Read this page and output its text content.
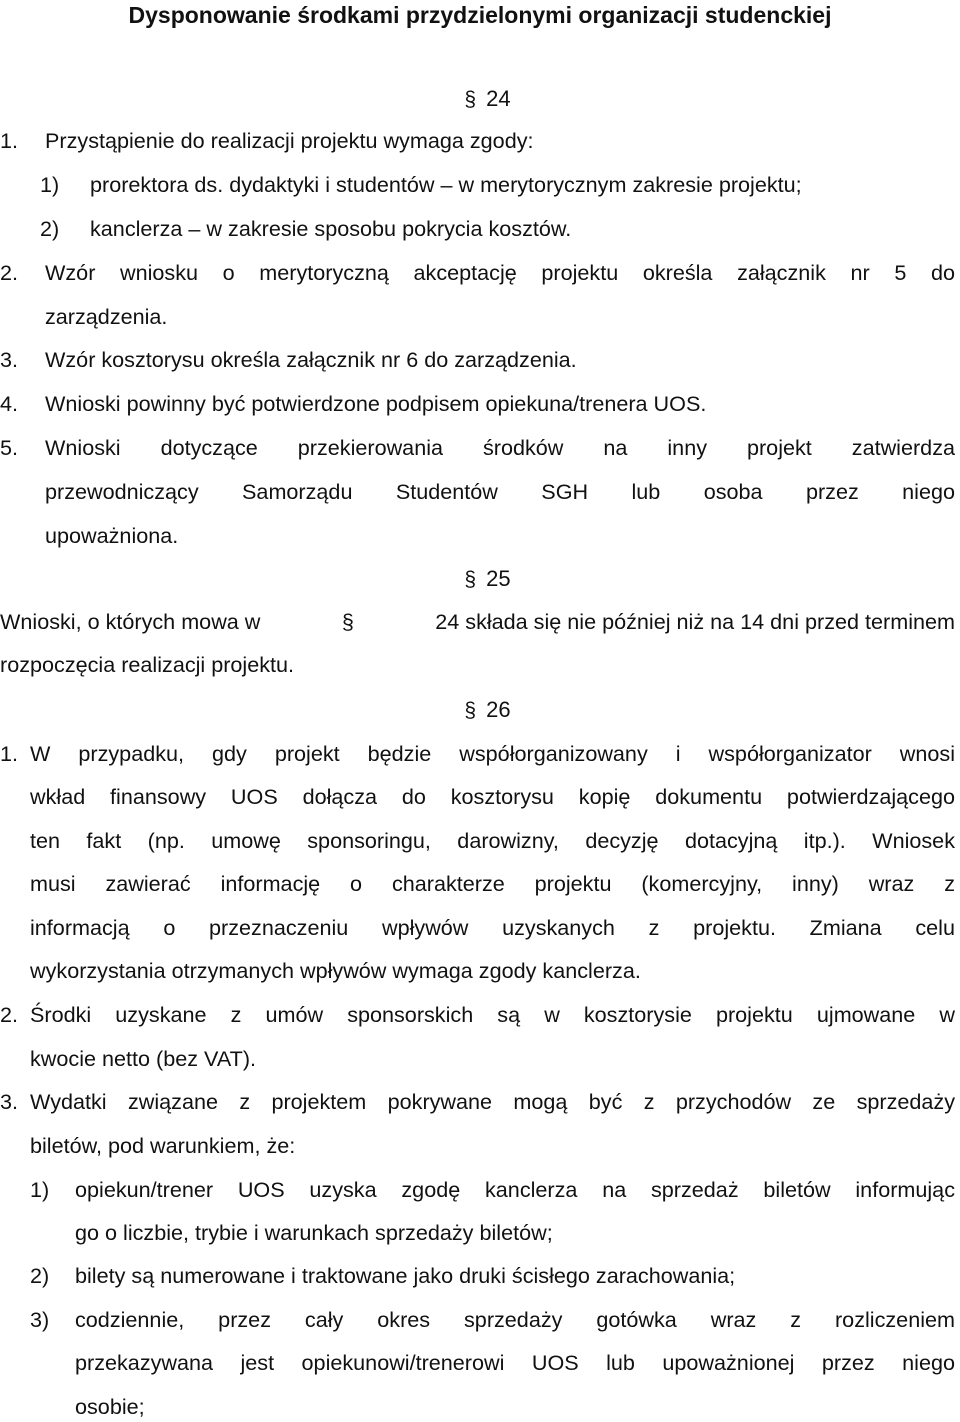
Dysponowanie środkami przydzielonymi organizacji studenckiej
§ 24
1. Przystąpienie do realizacji projektu wymaga zgody:
1) prorektora ds. dydaktyki i studentów – w merytorycznym zakresie projektu;
2) kanclerza – w zakresie sposobu pokrycia kosztów.
2. Wzór wniosku o merytoryczną akceptację projektu określa załącznik nr 5 do
zarządzenia.
3. Wzór kosztorysu określa załącznik nr 6 do zarządzenia.
4. Wnioski powinny być potwierdzone podpisem opiekuna/trenera UOS.
5. Wnioski dotyczące przekierowania środków na inny projekt zatwierdza
przewodniczący Samorządu Studentów SGH lub osoba przez niego
upoważniona.
§ 25
Wnioski, o których mowa w	§	24 składa się nie później niż na 14 dni przed terminem
rozpoczęcia realizacji projektu.
§ 26
1. W przypadku, gdy projekt będzie współorganizowany i współorganizator wnosi
wkład finansowy UOS dołącza do kosztorysu kopię dokumentu potwierdzającego
ten fakt (np. umowę sponsoringu, darowizny, decyzję dotacyjną itp.). Wniosek
musi zawierać informację o charakterze projektu (komercyjny, inny) wraz z
informacją o przeznaczeniu wpływów uzyskanych z projektu. Zmiana celu
wykorzystania otrzymanych wpływów wymaga zgody kanclerza.
2. Środki uzyskane z umów sponsorskich są w kosztorysie projektu ujmowane w
kwocie netto (bez VAT).
3. Wydatki związane z projektem pokrywane mogą być z przychodów ze sprzedaży
biletów, pod warunkiem, że:
1) opiekun/trener UOS uzyska zgodę kanclerza na sprzedaż biletów informując
go o liczbie, trybie i warunkach sprzedaży biletów;
2) bilety są numerowane i traktowane jako druki ścisłego zarachowania;
3) codziennie, przez cały okres sprzedaży gotówka wraz z rozliczeniem
przekazywana jest opiekunowi/trenerowi UOS lub upoważnionej przez niego
osobie;
